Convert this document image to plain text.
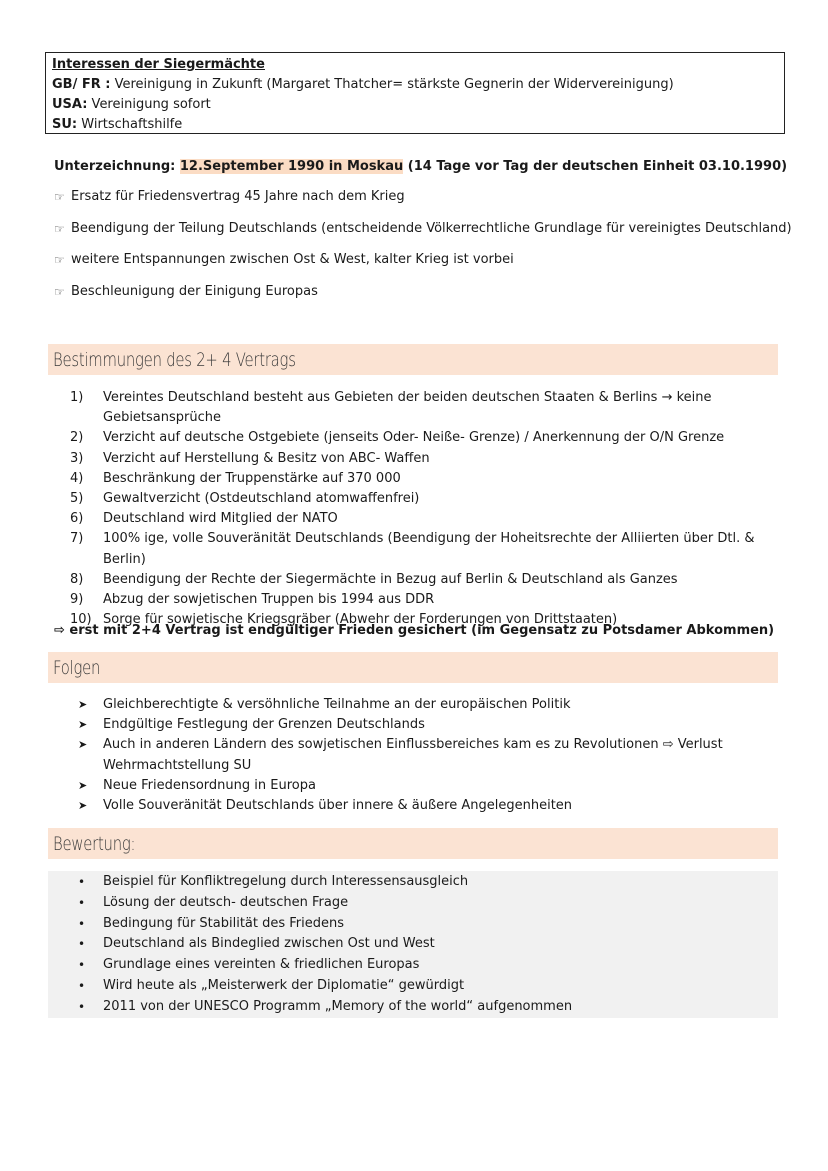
Interessen der Siegermächte
GB/ FR : Vereinigung in Zukunft (Margaret Thatcher= stärkste Gegnerin der Widervereinigung)
USA: Vereinigung sofort
SU: Wirtschaftshilfe
Unterzeichnung: 12.September 1990 in Moskau (14 Tage vor Tag der deutschen Einheit 03.10.1990)
☞ Ersatz für Friedensvertrag 45 Jahre nach dem Krieg
☞ Beendigung der Teilung Deutschlands (entscheidende Völkerrechtliche Grundlage für vereinigtes Deutschland)
☞ weitere Entspannungen zwischen Ost & West, kalter Krieg ist vorbei
☞ Beschleunigung der Einigung Europas
Bestimmungen des 2+ 4 Vertrags
1)	Vereintes Deutschland besteht aus Gebieten der beiden deutschen Staaten & Berlins → keine Gebietsansprüche
2)	Verzicht auf deutsche Ostgebiete (jenseits Oder- Neiße- Grenze) / Anerkennung der O/N Grenze
3)	Verzicht auf Herstellung & Besitz von ABC- Waffen
4)	Beschränkung der Truppenstärke auf 370 000
5)	Gewaltverzicht (Ostdeutschland atomwaffenfrei)
6)	Deutschland wird Mitglied der NATO
7)	100% ige, volle Souveränität Deutschlands (Beendigung der Hoheitsrechte der Alliierten über Dtl. & Berlin)
8)	Beendigung der Rechte der Siegermächte in Bezug auf Berlin & Deutschland als Ganzes
9)	Abzug der sowjetischen Truppen bis 1994 aus DDR
10) Sorge für sowjetische Kriegsgräber (Abwehr der Forderungen von Drittstaaten)
⇨ erst mit 2+4 Vertrag ist endgültiger Frieden gesichert (im Gegensatz zu Potsdamer Abkommen)
Folgen
➤	Gleichberechtigte & versöhnliche Teilnahme an der europäischen Politik
➤	Endgültige Festlegung der Grenzen Deutschlands
➤	Auch in anderen Ländern des sowjetischen Einflussbereiches kam es zu Revolutionen ⇨ Verlust Wehrmachtstellung SU
➤	Neue Friedensordnung in Europa
➤	Volle Souveränität Deutschlands über innere & äußere Angelegenheiten
Bewertung:
•	Beispiel für Konfliktregelung durch Interessensausgleich
•	Lösung der deutsch- deutschen Frage
•	Bedingung für Stabilität des Friedens
•	Deutschland als Bindeglied zwischen Ost und West
•	Grundlage eines vereinten & friedlichen Europas
•	Wird heute als „Meisterwerk der Diplomatie“ gewürdigt
•	2011 von der UNESCO Programm „Memory of the world“ aufgenommen
